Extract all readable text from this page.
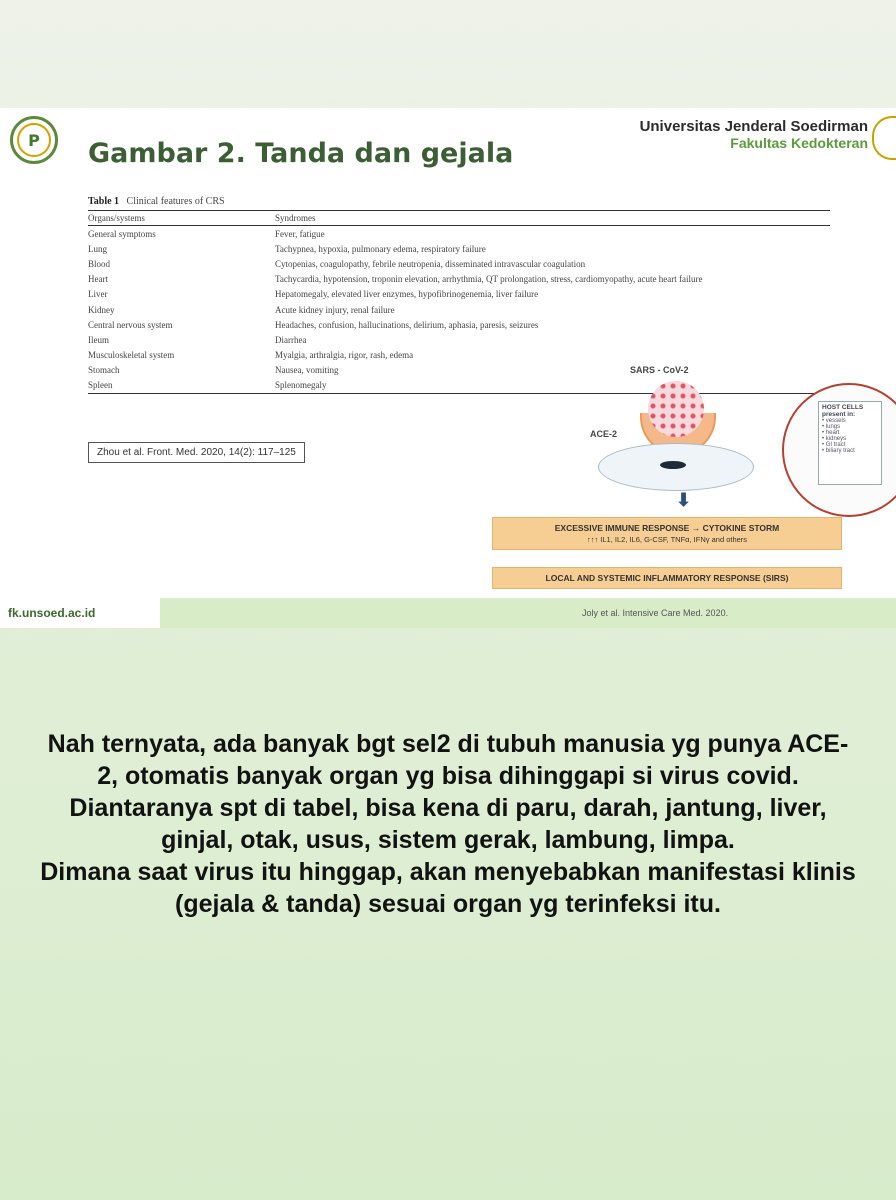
Ρ	Gambar 2. Tanda dan gejala
Universitas Jenderal Soedirman
Fakultas Kedokteran
Table 1 Clinical features of CRS
Organs/systems	Syndromes
General symptoms	Fever, fatigue
Lung	Tachypnea, hypoxia, pulmonary edema, respiratory failure
Blood	Cytopenias, coagulopathy, febrile neutropenia, disseminated intravascular coagulation
Heart	Tachycardia, hypotension, troponin elevation, arrhythmia, QT prolongation, stress, cardiomyopathy, acute heart failure
Liver	Hepatomegaly, elevated liver enzymes, hypofibrinogenemia, liver failure
Kidney	Acute kidney injury, renal failure
Central nervous system	Headaches, confusion, hallucinations, delirium, aphasia, paresis, seizures
Ileum	Diarrhea
Musculoskeletal system	Myalgia, arthralgia, rigor, rash, edema
Stomach	Nausea, vomiting
Spleen	Splenomegaly
Zhou et al. Front. Med. 2020, 14(2): 117–125
HOST CELLS present in:
• vessels
• lungs
• heart
• kidneys
• GI tract
• biliary tract
SARS - CoV-2
ACE-2
⬇
EXCESSIVE IMMUNE RESPONSE → CYTOKINE STORM
↑↑↑ IL1, IL2, IL6, G-CSF, TNFα, IFNγ and others
LOCAL AND SYSTEMIC INFLAMMATORY RESPONSE (SIRS)
fk.unsoed.ac.id	Joly et al. Intensive Care Med. 2020.

Nah ternyata, ada banyak bgt sel2 di tubuh manusia yg punya ACE-2, otomatis banyak organ yg bisa dihinggapi si virus covid.

Diantaranya spt di tabel, bisa kena di paru, darah, jantung, liver, ginjal, otak, usus, sistem gerak, lambung, limpa.

Dimana saat virus itu hinggap, akan menyebabkan manifestasi klinis (gejala & tanda) sesuai organ yg terinfeksi itu.
